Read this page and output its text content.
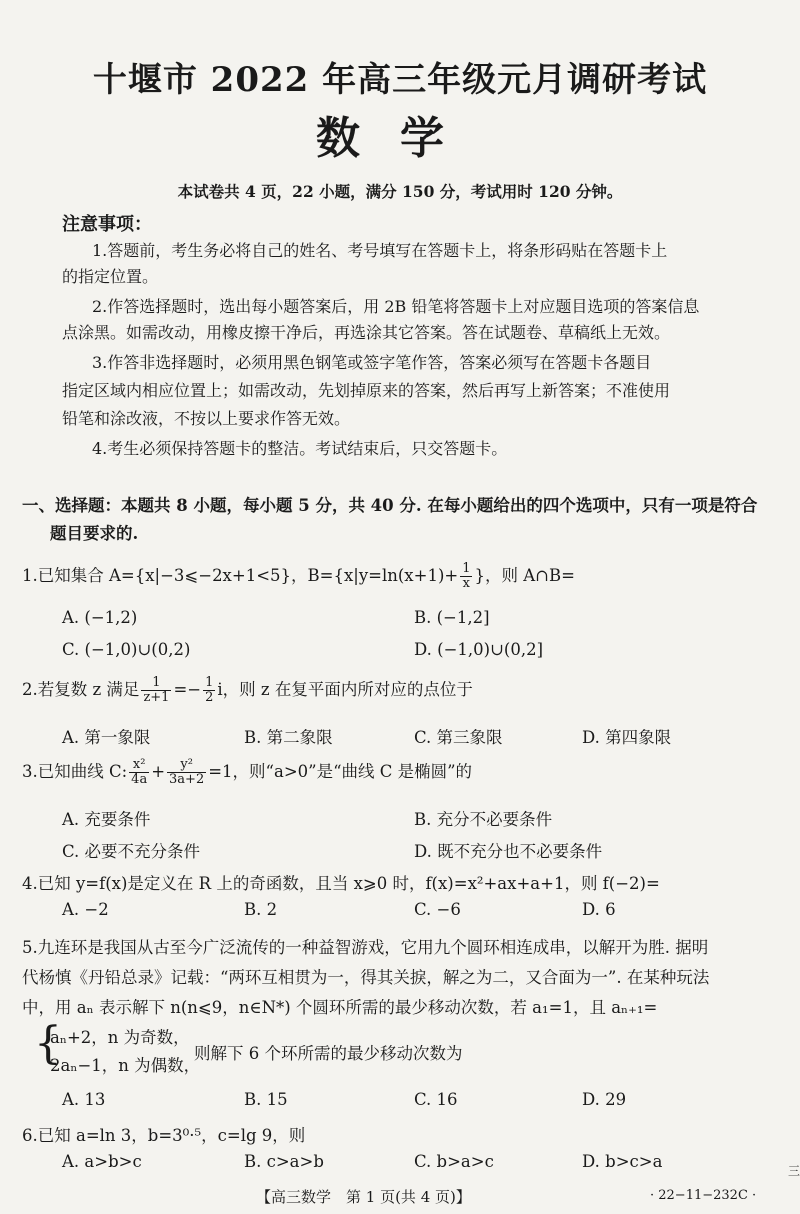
十堰市 2022 年高三年级元月调研考试
数学
本试卷共 4 页，22 小题，满分 150 分，考试用时 120 分钟。
注意事项：
1.答题前，考生务必将自己的姓名、考号填写在答题卡上，将条形码贴在答题卡上
的指定位置。
2.作答选择题时，选出每小题答案后，用 2B 铅笔将答题卡上对应题目选项的答案信息
点涂黑。如需改动，用橡皮擦干净后，再选涂其它答案。答在试题卷、草稿纸上无效。
3.作答非选择题时，必须用黑色钢笔或签字笔作答，答案必须写在答题卡各题目
指定区域内相应位置上；如需改动，先划掉原来的答案，然后再写上新答案；不准使用
铅笔和涂改液，不按以上要求作答无效。
4.考生必须保持答题卡的整洁。考试结束后，只交答题卡。
一、选择题：本题共 8 小题，每小题 5 分，共 40 分. 在每小题给出的四个选项中，只有一项是符合
题目要求的.
1.已知集合 A={x|−3⩽−2x+1<5}，$B=\{x|y=\ln(x+1)+ \frac{1}{x}$ }，则 A∩B=
A. (−1,2)	B. (−1,2]
C. (−1,0)∪(0,2)	D. (−1,0)∪(0,2]
2.若复数 z 满足 $\frac{1}{z+1} =- \frac{1}{2}$ i，则 z 在复平面内所对应的点位于
A. 第一象限	B. 第二象限	C. 第三象限	D. 第四象限
3.已知曲线 C: $\frac{\text{x²}}{4a} + \frac{\text{y²}}{3a+2} =1$，则“a>0”是“曲线 C 是椭圆”的
A. 充要条件	B. 充分不必要条件
C. 必要不充分条件	D. 既不充分也不必要条件
4.已知 y=f(x)是定义在 R 上的奇函数，且当 x⩾0 时，f(x)=x²+ax+a+1，则 f(−2)=
A. −2	B. 2	C. −6	D. 6
5.九连环是我国从古至今广泛流传的一种益智游戏，它用九个圆环相连成串，以解开为胜. 据明
代杨慎《丹铅总录》记载：“两环互相贯为一，得其关捩，解之为二，又合面为一”. 在某种玩法
中，用 aₙ 表示解下 n(n⩽9，n∈N*) 个圆环所需的最少移动次数，若 a₁=1，且 aₙ₊₁=
{
aₙ+2，n 为奇数，
2aₙ−1，n 为偶数，
则解下 6 个环所需的最少移动次数为
A. 13	B. 15	C. 16	D. 29
6.已知 a=ln 3，b=3⁰·⁵，c=lg 9，则
A. a>b>c	B. c>a>b	C. b>a>c	D. b>c>a
【高三数学　第 1 页(共 4 页)】	· 22−11−232C ·
三
